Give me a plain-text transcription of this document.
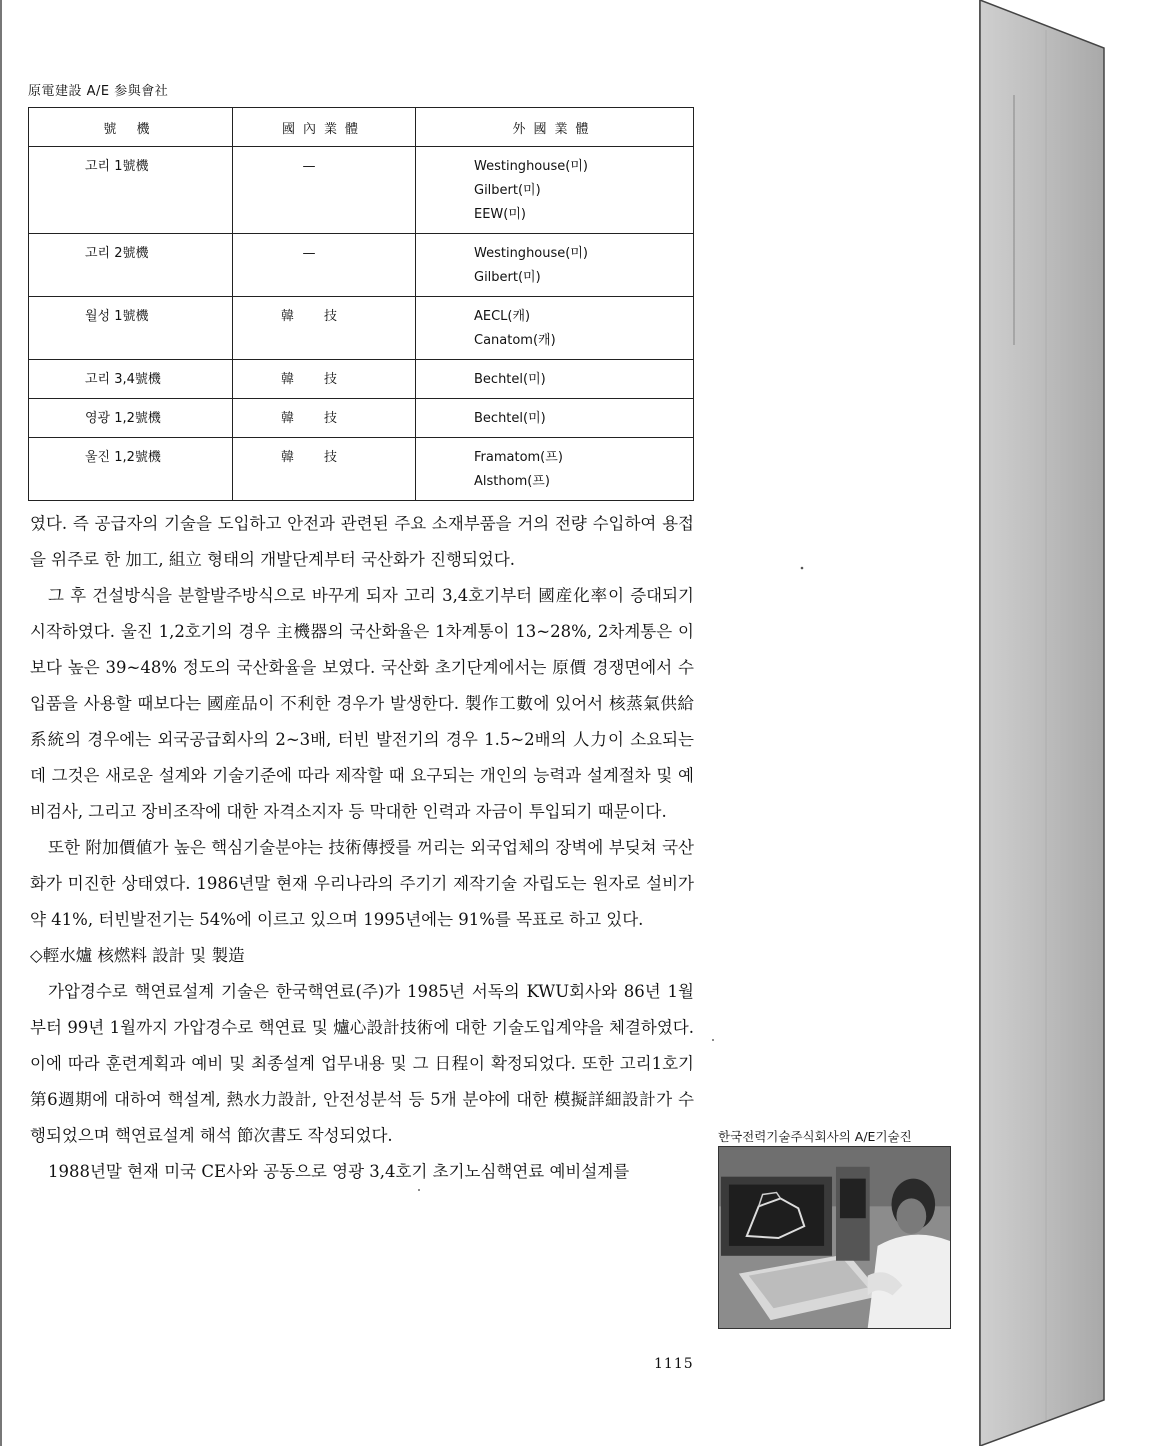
原電建設 A/E 参與會社
號 機	國內業體	外國業體
고리 1號機	—	Westinghouse(미)
Gilbert(미)
EEW(미)

고리 2號機	—	Westinghouse(미)
Gilbert(미)

월성 1號機	韓技	AECL(캐)
Canatom(캐)

고리 3,4號機	韓技	Bechtel(미)

영광 1,2號機	韓技	Bechtel(미)

울진 1,2號機	韓技	Framatom(프)
Alsthom(프)

였다. 즉 공급자의 기술을 도입하고 안전과 관련된 주요 소재부품을 거의 전량 수입하여 용접을 위주로 한 加工, 組立 형태의 개발단계부터 국산화가 진행되었다.

그 후 건설방식을 분할발주방식으로 바꾸게 되자 고리 3,4호기부터 國産化率이 증대되기 시작하였다. 울진 1,2호기의 경우 主機器의 국산화율은 1차계통이 13~28%, 2차계통은 이보다 높은 39~48% 정도의 국산화율을 보였다. 국산화 초기단계에서는 原價 경쟁면에서 수입품을 사용할 때보다는 國産品이 不利한 경우가 발생한다. 製作工數에 있어서 核蒸氣供給系統의 경우에는 외국공급회사의 2~3배, 터빈 발전기의 경우 1.5~2배의 人力이 소요되는데 그것은 새로운 설계와 기술기준에 따라 제작할 때 요구되는 개인의 능력과 설계절차 및 예비검사, 그리고 장비조작에 대한 자격소지자 등 막대한 인력과 자금이 투입되기 때문이다.

또한 附加價値가 높은 핵심기술분야는 技術傳授를 꺼리는 외국업체의 장벽에 부딪쳐 국산화가 미진한 상태였다. 1986년말 현재 우리나라의 주기기 제작기술 자립도는 원자로 설비가 약 41%, 터빈발전기는 54%에 이르고 있으며 1995년에는 91%를 목표로 하고 있다.

◇輕水爐 核燃料 設計 및 製造

가압경수로 핵연료설계 기술은 한국핵연료(주)가 1985년 서독의 KWU회사와 86년 1월부터 99년 1월까지 가압경수로 핵연료 및 爐心設計技術에 대한 기술도입계약을 체결하였다. 이에 따라 훈련계획과 예비 및 최종설계 업무내용 및 그 日程이 확정되었다. 또한 고리1호기 第6週期에 대하여 핵설계, 熱水力設計, 안전성분석 등 5개 분야에 대한 模擬詳細設計가 수행되었으며 핵연료설계 해석 節次書도 작성되었다.

1988년말 현재 미국 CE사와 공동으로 영광 3,4호기 초기노심핵연료 예비설계를

한국전력기술주식회사의 A/E기술진
1115
